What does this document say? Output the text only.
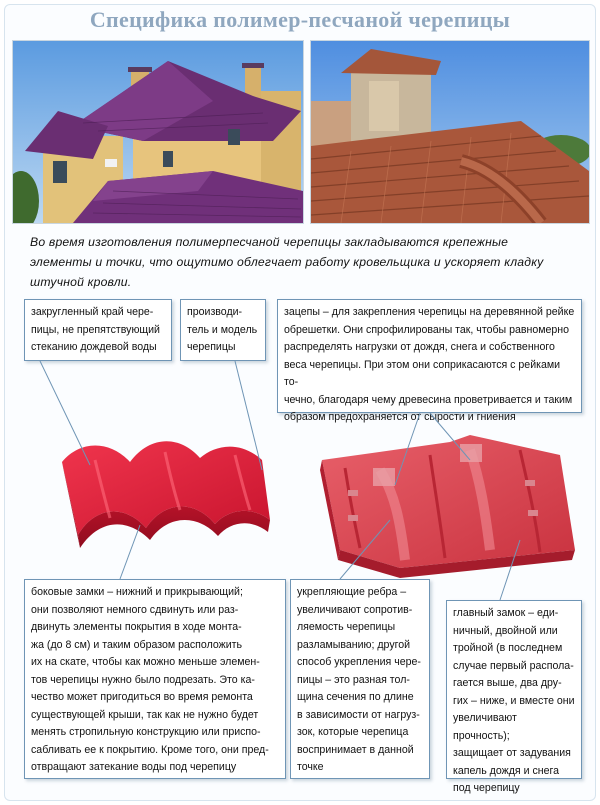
Специфика полимер-песчаной черепицы
Во время изготовления полимерпесчаной черепицы закладываются крепежные элементы и точки, что ощутимо облегчает работу кровельщика и ускоряет кладку штучной кровли.
закругленный край чере-
пицы, не препятствующий
стеканию дождевой воды
производи-
тель и модель
черепицы
зацепы – для закрепления черепицы на деревянной рейке
обрешетки. Они спрофилированы так, чтобы равномерно
распределять нагрузки от дождя, снега и собственного
веса черепицы. При этом они соприкасаются с рейками то-
чечно, благодаря чему древесина проветривается и таким
образом предохраняется от сырости и гниения
боковые замки – нижний и прикрывающий;
они позволяют немного сдвинуть или раз-
двинуть элементы покрытия в ходе монта-
жа (до 8 см) и таким образом расположить
их на скате, чтобы как можно меньше элемен-
тов черепицы нужно было подрезать. Это ка-
чество может пригодиться во время ремонта
существующей крыши, так как не нужно будет
менять стропильную конструкцию или приспо-
сабливать ее к покрытию. Кроме того, они пред-
отвращают затекание воды под черепицу
укрепляющие ребра –
увеличивают сопротив-
ляемость черепицы
разламыванию; другой
способ укрепления чере-
пицы – это разная тол-
щина сечения по длине
в зависимости от нагруз-
зок, которые черепица
воспринимает в данной
точке
главный замок – еди-
ничный, двойной или
тройной (в последнем
случае первый распола-
гается выше, два дру-
гих – ниже, и вместе они
увеличивают прочность);
защищает от задувания
капель дождя и снега
под черепицу
